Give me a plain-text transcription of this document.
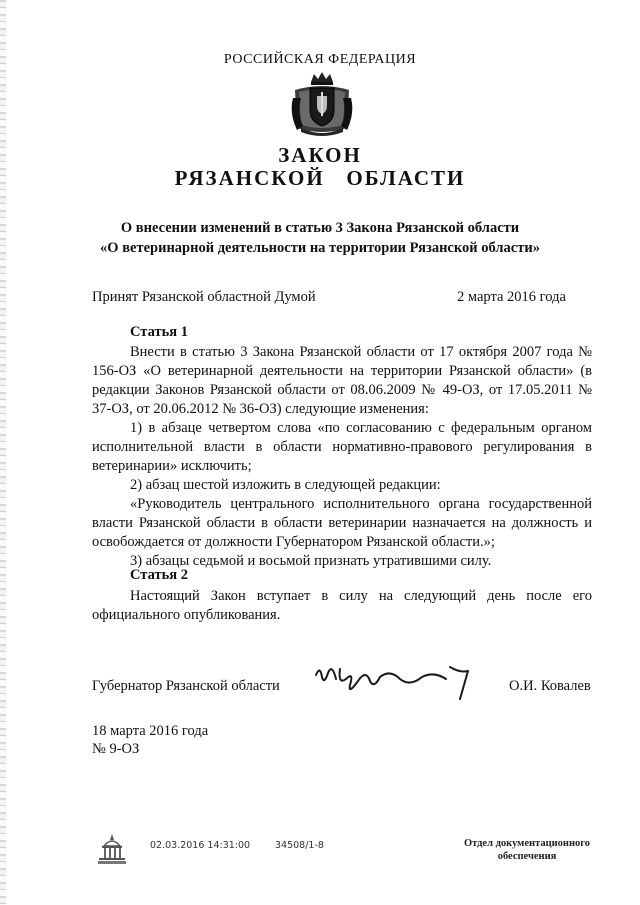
РОССИЙСКАЯ ФЕДЕРАЦИЯ
ЗАКОН
РЯЗАНСКОЙ   ОБЛАСТИ
О внесении изменений в статью 3 Закона Рязанской области
«О ветеринарной деятельности на территории Рязанской области»
Принят Рязанской областной Думой	2 марта 2016 года
Статья 1

Внести в статью 3 Закона Рязанской области от 17 октября 2007 года № 156-ОЗ «О ветеринарной деятельности на территории Рязанской области» (в редакции Законов Рязанской области от 08.06.2009 № 49-ОЗ, от 17.05.2011 № 37-ОЗ, от 20.06.2012 № 36-ОЗ) следующие изменения:

1) в абзаце четвертом слова «по согласованию с федеральным органом исполнительной власти в области нормативно-правового регулирования в ветеринарии» исключить;

2) абзац шестой изложить в следующей редакции:

«Руководитель центрального исполнительного органа государственной власти Рязанской области в области ветеринарии назначается на должность и освобождается от должности Губернатором Рязанской области.»;

3) абзацы седьмой и восьмой признать утратившими силу.

Статья 2

Настоящий Закон вступает в силу на следующий день после его официального опубликования.

Губернатор Рязанской области	О.И. Ковалев
18 марта 2016 года
№ 9-ОЗ
02.03.2016 14:31:00	34508/1-8	Отдел документационного
обеспечения
